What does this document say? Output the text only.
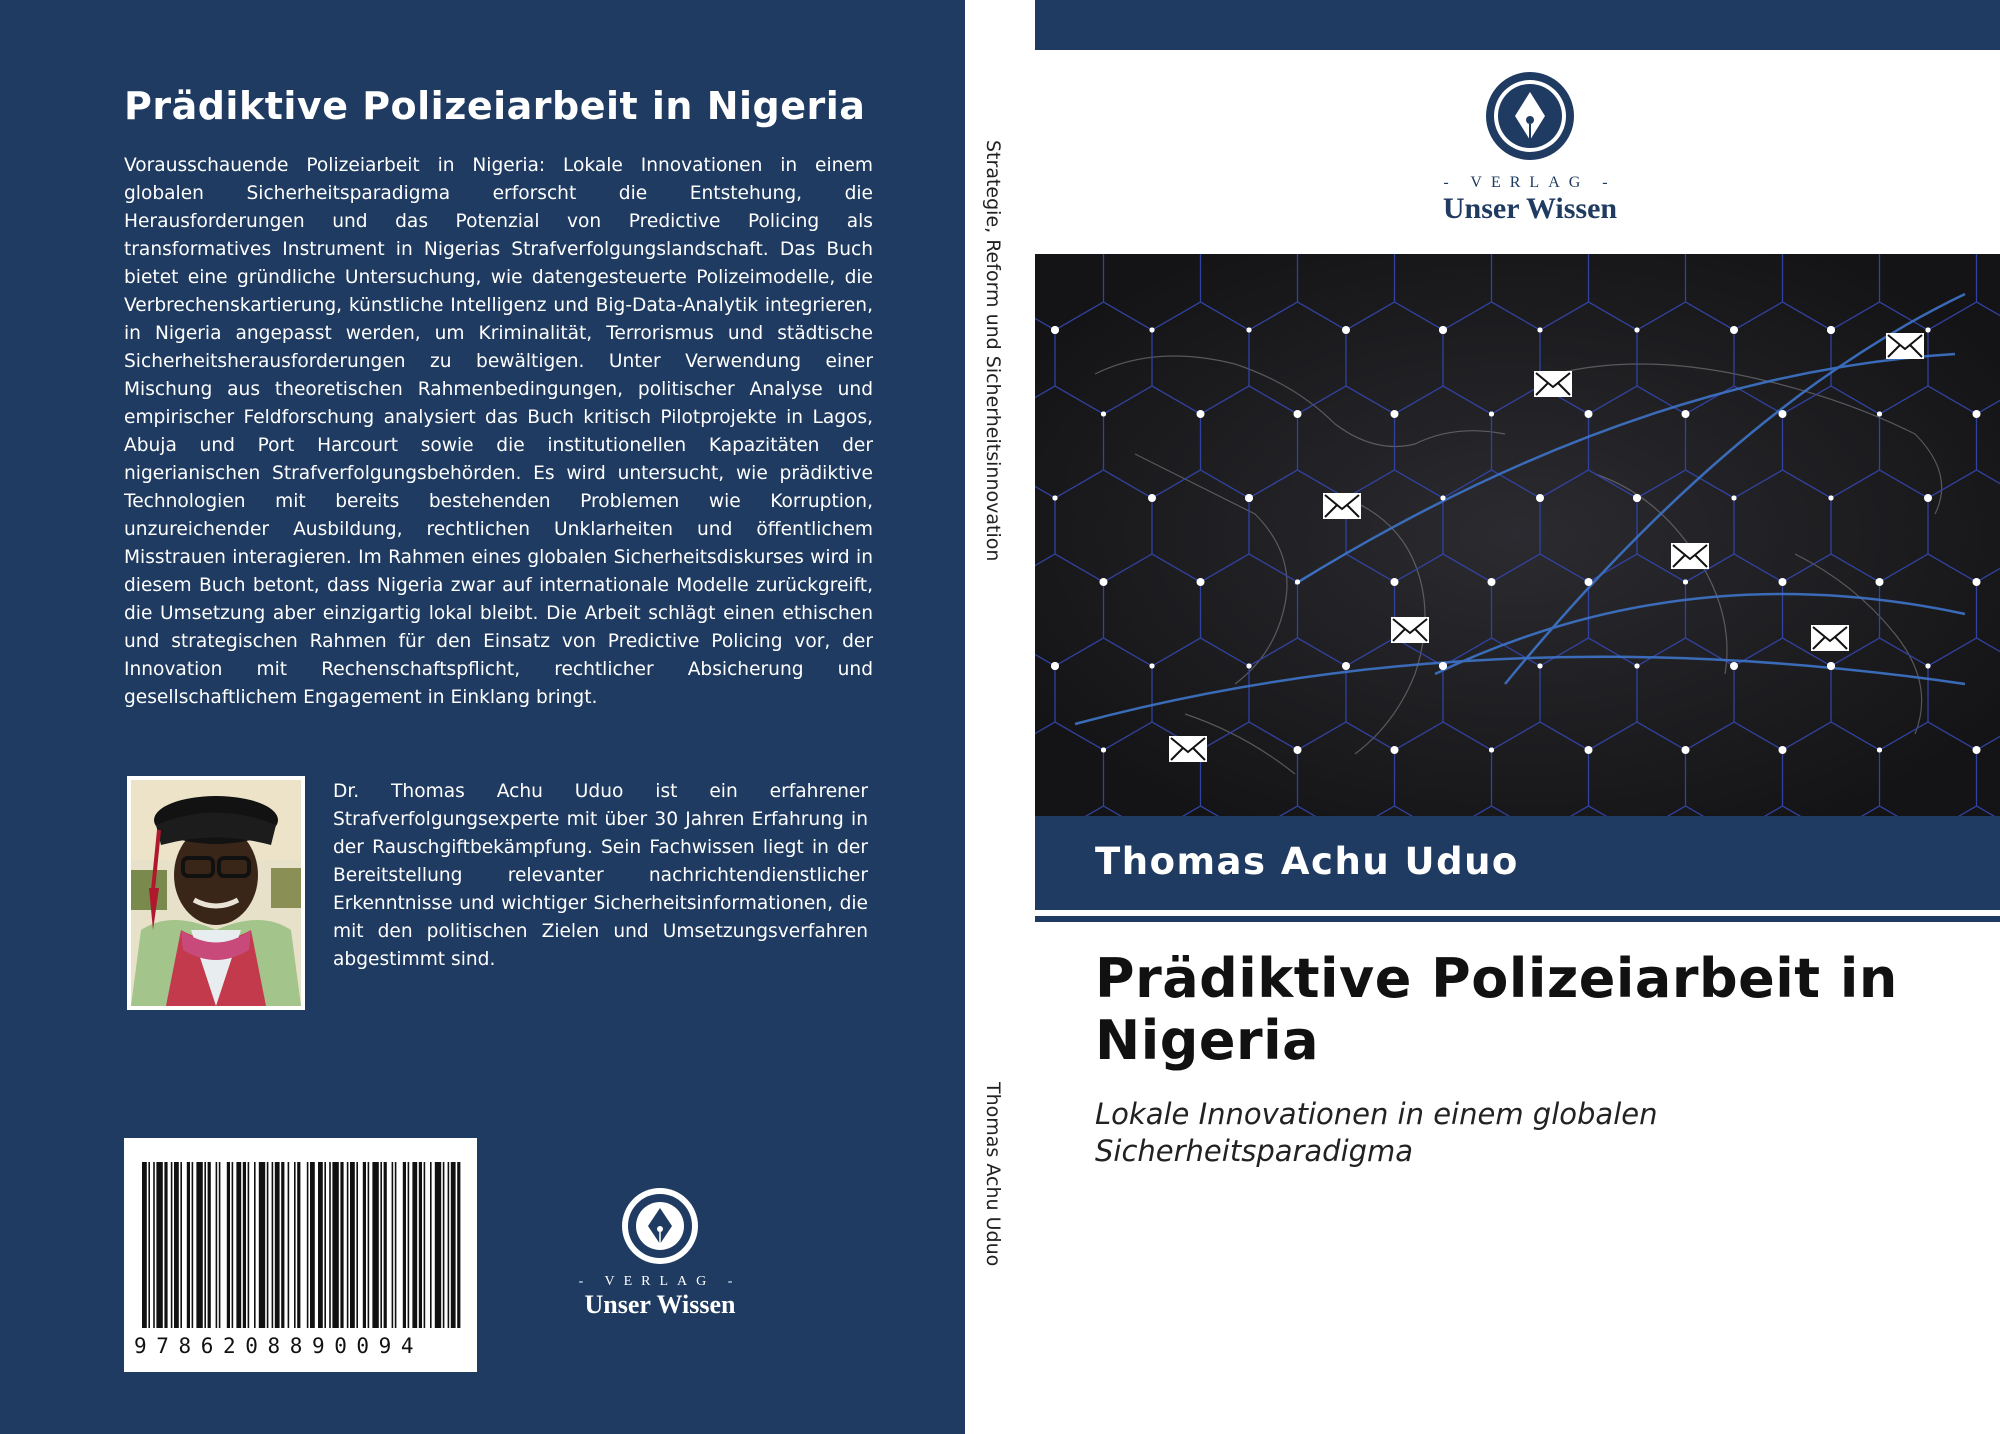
Prädiktive Polizeiarbeit in Nigeria

Vorausschauende Polizeiarbeit in Nigeria: Lokale Innovationen in einem globalen Sicherheitsparadigma erforscht die Entstehung, die Herausforderungen und das Potenzial von Predictive Policing als transformatives Instrument in Nigerias Strafverfolgungslandschaft. Das Buch bietet eine gründliche Untersuchung, wie datengesteuerte Polizeimodelle, die Verbrechenskartierung, künstliche Intelligenz und Big-Data-Analytik integrieren, in Nigeria angepasst werden, um Kriminalität, Terrorismus und städtische Sicherheitsherausforderungen zu bewältigen. Unter Verwendung einer Mischung aus theoretischen Rahmenbedingungen, politischer Analyse und empirischer Feldforschung analysiert das Buch kritisch Pilotprojekte in Lagos, Abuja und Port Harcourt sowie die institutionellen Kapazitäten der nigerianischen Strafverfolgungsbehörden. Es wird untersucht, wie prädiktive Technologien mit bereits bestehenden Problemen wie Korruption, unzureichender Ausbildung, rechtlichen Unklarheiten und öffentlichem Misstrauen interagieren. Im Rahmen eines globalen Sicherheitsdiskurses wird in diesem Buch betont, dass Nigeria zwar auf internationale Modelle zurückgreift, die Umsetzung aber einzigartig lokal bleibt. Die Arbeit schlägt einen ethischen und strategischen Rahmen für den Einsatz von Predictive Policing vor, der Innovation mit Rechenschaftspflicht, rechtlicher Absicherung und gesellschaftlichem Engagement in Einklang bringt.

Dr. Thomas Achu Uduo ist ein erfahrener Strafverfolgungsexperte mit über 30 Jahren Erfahrung in der Rauschgiftbekämpfung. Sein Fachwissen liegt in der Bereitstellung relevanter nachrichtendienstlicher Erkenntnisse und wichtiger Sicherheitsinformationen, die mit den politischen Zielen und Umsetzungsverfahren abgestimmt sind.

9786208890094
- VERLAG -
Unser Wissen
Strategie, Reform und Sicherheitsinnovation
Thomas Achu Uduo
- VERLAG -
Unser Wissen
Thomas Achu Uduo
Prädiktive Polizeiarbeit in Nigeria

Lokale Innovationen in einem globalen Sicherheitsparadigma
